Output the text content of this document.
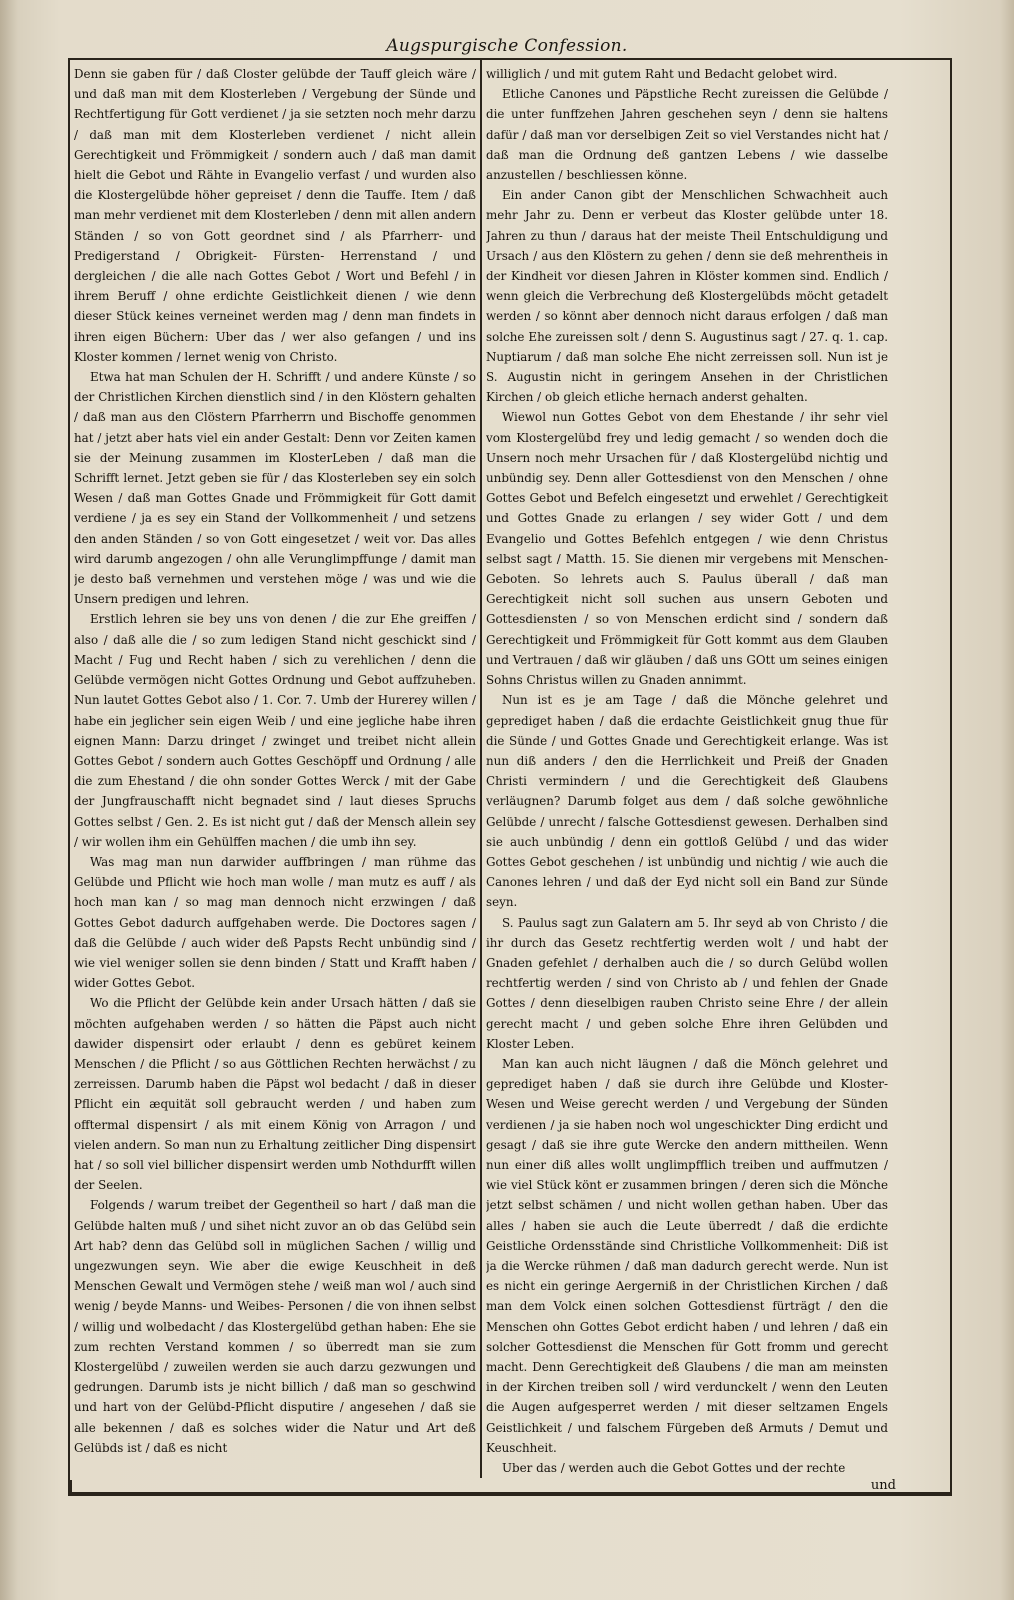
Augspurgische Confession.

Denn sie gaben für / daß Closter gelübde der Tauff gleich wäre / und daß man mit dem Klosterleben / Vergebung der Sünde und Rechtfertigung für Gott verdienet / ja sie setzten noch mehr darzu / daß man mit dem Klosterleben verdienet / nicht allein Gerechtigkeit und Frömmigkeit / sondern auch / daß man damit hielt die Gebot und Rähte in Evangelio verfast / und wurden also die Klostergelübde höher gepreiset / denn die Tauffe. Item / daß man mehr verdienet mit dem Klosterleben / denn mit allen andern Ständen / so von Gott geordnet sind / als Pfarrherr- und Predigerstand / Obrigkeit- Fürsten- Herrenstand / und dergleichen / die alle nach Gottes Gebot / Wort und Befehl / in ihrem Beruff / ohne erdichte Geistlichkeit dienen / wie denn dieser Stück keines verneinet werden mag / denn man findets in ihren eigen Büchern: Uber das / wer also gefangen / und ins Kloster kommen / lernet wenig von Christo.

Etwa hat man Schulen der H. Schrifft / und andere Künste / so der Christlichen Kirchen dienstlich sind / in den Klöstern gehalten / daß man aus den Clöstern Pfarrherrn und Bischoffe genommen hat / jetzt aber hats viel ein ander Gestalt: Denn vor Zeiten kamen sie der Meinung zusammen im KlosterLeben / daß man die Schrifft lernet. Jetzt geben sie für / das Klosterleben sey ein solch Wesen / daß man Gottes Gnade und Frömmigkeit für Gott damit verdiene / ja es sey ein Stand der Vollkommenheit / und setzens den anden Ständen / so von Gott eingesetzet / weit vor. Das alles wird darumb angezogen / ohn alle Verunglimpffunge / damit man je desto baß vernehmen und verstehen möge / was und wie die Unsern predigen und lehren.

Erstlich lehren sie bey uns von denen / die zur Ehe greiffen / also / daß alle die / so zum ledigen Stand nicht geschickt sind / Macht / Fug und Recht haben / sich zu verehlichen / denn die Gelübde vermögen nicht Gottes Ordnung und Gebot auffzuheben. Nun lautet Gottes Gebot also / 1. Cor. 7. Umb der Hurerey willen / habe ein jeglicher sein eigen Weib / und eine jegliche habe ihren eignen Mann: Darzu dringet / zwinget und treibet nicht allein Gottes Gebot / sondern auch Gottes Geschöpff und Ordnung / alle die zum Ehestand / die ohn sonder Gottes Werck / mit der Gabe der Jungfrauschafft nicht begnadet sind / laut dieses Spruchs Gottes selbst / Gen. 2. Es ist nicht gut / daß der Mensch allein sey / wir wollen ihm ein Gehülffen machen / die umb ihn sey.

Was mag man nun darwider auffbringen / man rühme das Gelübde und Pflicht wie hoch man wolle / man mutz es auff / als hoch man kan / so mag man dennoch nicht erzwingen / daß Gottes Gebot dadurch auffgehaben werde. Die Doctores sagen / daß die Gelübde / auch wider deß Papsts Recht unbündig sind / wie viel weniger sollen sie denn binden / Statt und Krafft haben / wider Gottes Gebot.

Wo die Pflicht der Gelübde kein ander Ursach hätten / daß sie möchten aufgehaben werden / so hätten die Päpst auch nicht dawider dispensirt oder erlaubt / denn es gebüret keinem Menschen / die Pflicht / so aus Göttlichen Rechten herwächst / zu zerreissen. Darumb haben die Päpst wol bedacht / daß in dieser Pflicht ein æquität soll gebraucht werden / und haben zum offtermal dispensirt / als mit einem König von Arragon / und vielen andern. So man nun zu Erhaltung zeitlicher Ding dispensirt hat / so soll viel billicher dispensirt werden umb Nothdurfft willen der Seelen.

Folgends / warum treibet der Gegentheil so hart / daß man die Gelübde halten muß / und sihet nicht zuvor an ob das Gelübd sein Art hab? denn das Gelübd soll in müglichen Sachen / willig und ungezwungen seyn. Wie aber die ewige Keuschheit in deß Menschen Gewalt und Vermögen stehe / weiß man wol / auch sind wenig / beyde Manns- und Weibes- Personen / die von ihnen selbst / willig und wolbedacht / das Klostergelübd gethan haben: Ehe sie zum rechten Verstand kommen / so überredt man sie zum Klostergelübd / zuweilen werden sie auch darzu gezwungen und gedrungen. Darumb ists je nicht billich / daß man so geschwind und hart von der Gelübd-Pflicht disputire / angesehen / daß sie alle bekennen / daß es solches wider die Natur und Art deß Gelübds ist / daß es nicht

williglich / und mit gutem Raht und Bedacht gelobet wird.

Etliche Canones und Päpstliche Recht zureissen die Gelübde / die unter funffzehen Jahren geschehen seyn / denn sie haltens dafür / daß man vor derselbigen Zeit so viel Verstandes nicht hat / daß man die Ordnung deß gantzen Lebens / wie dasselbe anzustellen / beschliessen könne.

Ein ander Canon gibt der Menschlichen Schwachheit auch mehr Jahr zu. Denn er verbeut das Kloster gelübde unter 18. Jahren zu thun / daraus hat der meiste Theil Entschuldigung und Ursach / aus den Klöstern zu gehen / denn sie deß mehrentheis in der Kindheit vor diesen Jahren in Klöster kommen sind. Endlich / wenn gleich die Verbrechung deß Klostergelübds möcht getadelt werden / so könnt aber dennoch nicht daraus erfolgen / daß man solche Ehe zureissen solt / denn S. Augustinus sagt / 27. q. 1. cap. Nuptiarum / daß man solche Ehe nicht zerreissen soll. Nun ist je S. Augustin nicht in geringem Ansehen in der Christlichen Kirchen / ob gleich etliche hernach anderst gehalten.

Wiewol nun Gottes Gebot von dem Ehestande / ihr sehr viel vom Klostergelübd frey und ledig gemacht / so wenden doch die Unsern noch mehr Ursachen für / daß Klostergelübd nichtig und unbündig sey. Denn aller Gottesdienst von den Menschen / ohne Gottes Gebot und Befelch eingesetzt und erwehlet / Gerechtigkeit und Gottes Gnade zu erlangen / sey wider Gott / und dem Evangelio und Gottes Befehlch entgegen / wie denn Christus selbst sagt / Matth. 15. Sie dienen mir vergebens mit Menschen- Geboten. So lehrets auch S. Paulus überall / daß man Gerechtigkeit nicht soll suchen aus unsern Geboten und Gottesdiensten / so von Menschen erdicht sind / sondern daß Gerechtigkeit und Frömmigkeit für Gott kommt aus dem Glauben und Vertrauen / daß wir gläuben / daß uns GOtt um seines einigen Sohns Christus willen zu Gnaden annimmt.

Nun ist es je am Tage / daß die Mönche gelehret und geprediget haben / daß die erdachte Geistlichkeit gnug thue für die Sünde / und Gottes Gnade und Gerechtigkeit erlange. Was ist nun diß anders / den die Herrlichkeit und Preiß der Gnaden Christi vermindern / und die Gerechtigkeit deß Glaubens verläugnen? Darumb folget aus dem / daß solche gewöhnliche Gelübde / unrecht / falsche Gottesdienst gewesen. Derhalben sind sie auch unbündig / denn ein gottloß Gelübd / und das wider Gottes Gebot geschehen / ist unbündig und nichtig / wie auch die Canones lehren / und daß der Eyd nicht soll ein Band zur Sünde seyn.

S. Paulus sagt zun Galatern am 5. Ihr seyd ab von Christo / die ihr durch das Gesetz rechtfertig werden wolt / und habt der Gnaden gefehlet / derhalben auch die / so durch Gelübd wollen rechtfertig werden / sind von Christo ab / und fehlen der Gnade Gottes / denn dieselbigen rauben Christo seine Ehre / der allein gerecht macht / und geben solche Ehre ihren Gelübden und Kloster Leben.

Man kan auch nicht läugnen / daß die Mönch gelehret und geprediget haben / daß sie durch ihre Gelübde und Kloster- Wesen und Weise gerecht werden / und Vergebung der Sünden verdienen / ja sie haben noch wol ungeschickter Ding erdicht und gesagt / daß sie ihre gute Wercke den andern mittheilen. Wenn nun einer diß alles wollt unglimpfflich treiben und auffmutzen / wie viel Stück könt er zusammen bringen / deren sich die Mönche jetzt selbst schämen / und nicht wollen gethan haben. Uber das alles / haben sie auch die Leute überredt / daß die erdichte Geistliche Ordensstände sind Christliche Vollkommenheit: Diß ist ja die Wercke rühmen / daß man dadurch gerecht werde. Nun ist es nicht ein geringe Aergerniß in der Christlichen Kirchen / daß man dem Volck einen solchen Gottesdienst fürträgt / den die Menschen ohn Gottes Gebot erdicht haben / und lehren / daß ein solcher Gottesdienst die Menschen für Gott fromm und gerecht macht. Denn Gerechtigkeit deß Glaubens / die man am meinsten in der Kirchen treiben soll / wird verdunckelt / wenn den Leuten die Augen aufgesperret werden / mit dieser seltzamen Engels Geistlichkeit / und falschem Fürgeben deß Armuts / Demut und Keuschheit.

Uber das / werden auch die Gebot Gottes und der rechte

und
